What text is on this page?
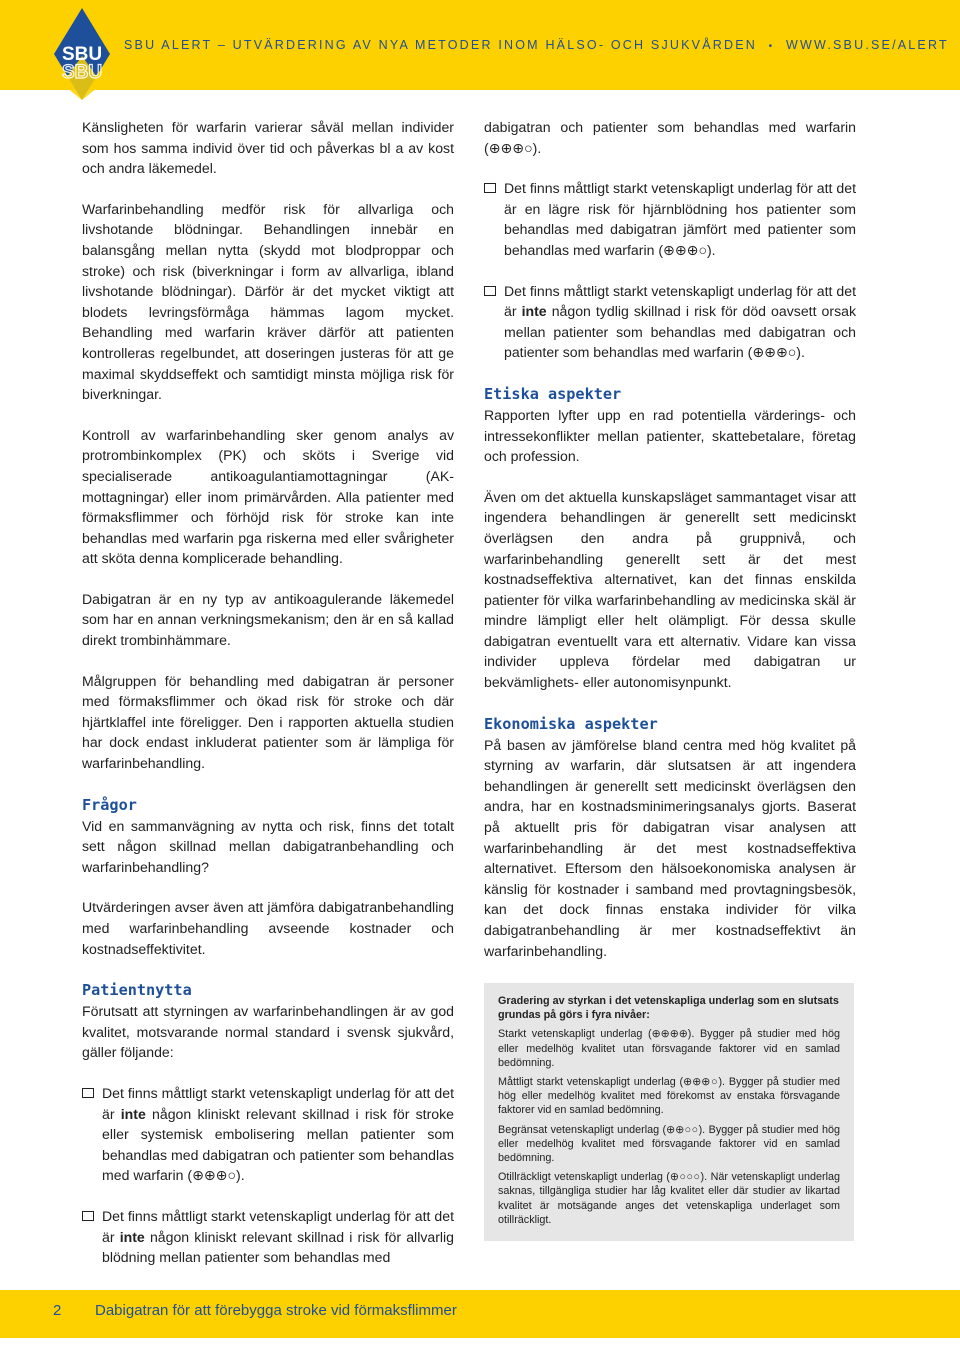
SBU
SBU
SBU ALERT – UTVÄRDERING AV NYA METODER INOM HÄLSO- OCH SJUKVÅRDEN • WWW.SBU.SE/ALERT

Känsligheten för warfarin varierar såväl mellan individer som hos samma individ över tid och påverkas bl a av kost och andra läkemedel.

Warfarinbehandling medför risk för allvarliga och livshotande blödningar. Behandlingen innebär en balansgång mellan nytta (skydd mot blodproppar och stroke) och risk (biverkningar i form av allvarliga, ibland livshotande blödningar). Därför är det mycket viktigt att blodets levringsförmåga hämmas lagom mycket. Behandling med warfarin kräver därför att patienten kontrolleras regelbundet, att doseringen justeras för att ge maximal skyddseffekt och samtidigt minsta möjliga risk för biverkningar.

Kontroll av warfarinbehandling sker genom analys av protrombinkomplex (PK) och sköts i Sverige vid specialiserade antikoagulantiamottagningar (AK-mottagningar) eller inom primärvården. Alla patienter med förmaksflimmer och förhöjd risk för stroke kan inte behandlas med warfarin pga riskerna med eller svårigheter att sköta denna komplicerade behandling.

Dabigatran är en ny typ av antikoagulerande läkemedel som har en annan verkningsmekanism; den är en så kallad direkt trombinhämmare.

Målgruppen för behandling med dabigatran är personer med förmaksflimmer och ökad risk för stroke och där hjärtklaffel inte föreligger. Den i rapporten aktuella studien har dock endast inkluderat patienter som är lämpliga för warfarinbehandling.

Frågor

Vid en sammanvägning av nytta och risk, finns det totalt sett någon skillnad mellan dabigatranbehandling och warfarinbehandling?

Utvärderingen avser även att jämföra dabigatranbehandling med warfarinbehandling avseende kostnader och kostnadseffektivitet.

Patientnytta

Förutsatt att styrningen av warfarinbehandlingen är av god kvalitet, motsvarande normal standard i svensk sjukvård, gäller följande:

Det finns måttligt starkt vetenskapligt underlag för att det är inte någon kliniskt relevant skillnad i risk för stroke eller systemisk embolisering mellan patienter som behandlas med dabigatran och patienter som behandlas med warfarin (⊕⊕⊕○).
Det finns måttligt starkt vetenskapligt underlag för att det är inte någon kliniskt relevant skillnad i risk för allvarlig blödning mellan patienter som behandlas med

dabigatran och patienter som behandlas med warfarin (⊕⊕⊕○).

Det finns måttligt starkt vetenskapligt underlag för att det är en lägre risk för hjärnblödning hos patienter som behandlas med dabigatran jämfört med patienter som behandlas med warfarin (⊕⊕⊕○).
Det finns måttligt starkt vetenskapligt underlag för att det är inte någon tydlig skillnad i risk för död oavsett orsak mellan patienter som behandlas med dabigatran och patienter som behandlas med warfarin (⊕⊕⊕○).
Etiska aspekter

Rapporten lyfter upp en rad potentiella värderings- och intressekonflikter mellan patienter, skattebetalare, företag och profession.

Även om det aktuella kunskapsläget sammantaget visar att ingendera behandlingen är generellt sett medicinskt överlägsen den andra på gruppnivå, och warfarinbehandling generellt sett är det mest kostnadseffektiva alternativet, kan det finnas enskilda patienter för vilka warfarinbehandling av medicinska skäl är mindre lämpligt eller helt olämpligt. För dessa skulle dabigatran eventuellt vara ett alternativ. Vidare kan vissa individer uppleva fördelar med dabigatran ur bekvämlighets- eller autonomisynpunkt.

Ekonomiska aspekter

På basen av jämförelse bland centra med hög kvalitet på styrning av warfarin, där slutsatsen är att ingendera behandlingen är generellt sett medicinskt överlägsen den andra, har en kostnadsminimeringsanalys gjorts. Baserat på aktuellt pris för dabigatran visar analysen att warfarinbehandling är det mest kostnadseffektiva alternativet. Eftersom den hälsoekonomiska analysen är känslig för kostnader i samband med provtagningsbesök, kan det dock finnas enstaka individer för vilka dabigatranbehandling är mer kostnadseffektivt än warfarinbehandling.

Gradering av styrkan i det vetenskapliga underlag som en slutsats grundas på görs i fyra nivåer:

Starkt vetenskapligt underlag (⊕⊕⊕⊕). Bygger på studier med hög eller medelhög kvalitet utan försvagande faktorer vid en samlad bedömning.

Måttligt starkt vetenskapligt underlag (⊕⊕⊕○). Bygger på studier med hög eller medelhög kvalitet med förekomst av enstaka försvagande faktorer vid en samlad bedömning.

Begränsat vetenskapligt underlag (⊕⊕○○). Bygger på studier med hög eller medelhög kvalitet med försvagande faktorer vid en samlad bedömning.

Otillräckligt vetenskapligt underlag (⊕○○○). När vetenskapligt underlag saknas, tillgängliga studier har låg kvalitet eller där studier av likartad kvalitet är motsägande anges det vetenskapliga underlaget som otillräckligt.

2 Dabigatran för att förebygga stroke vid förmaksflimmer
